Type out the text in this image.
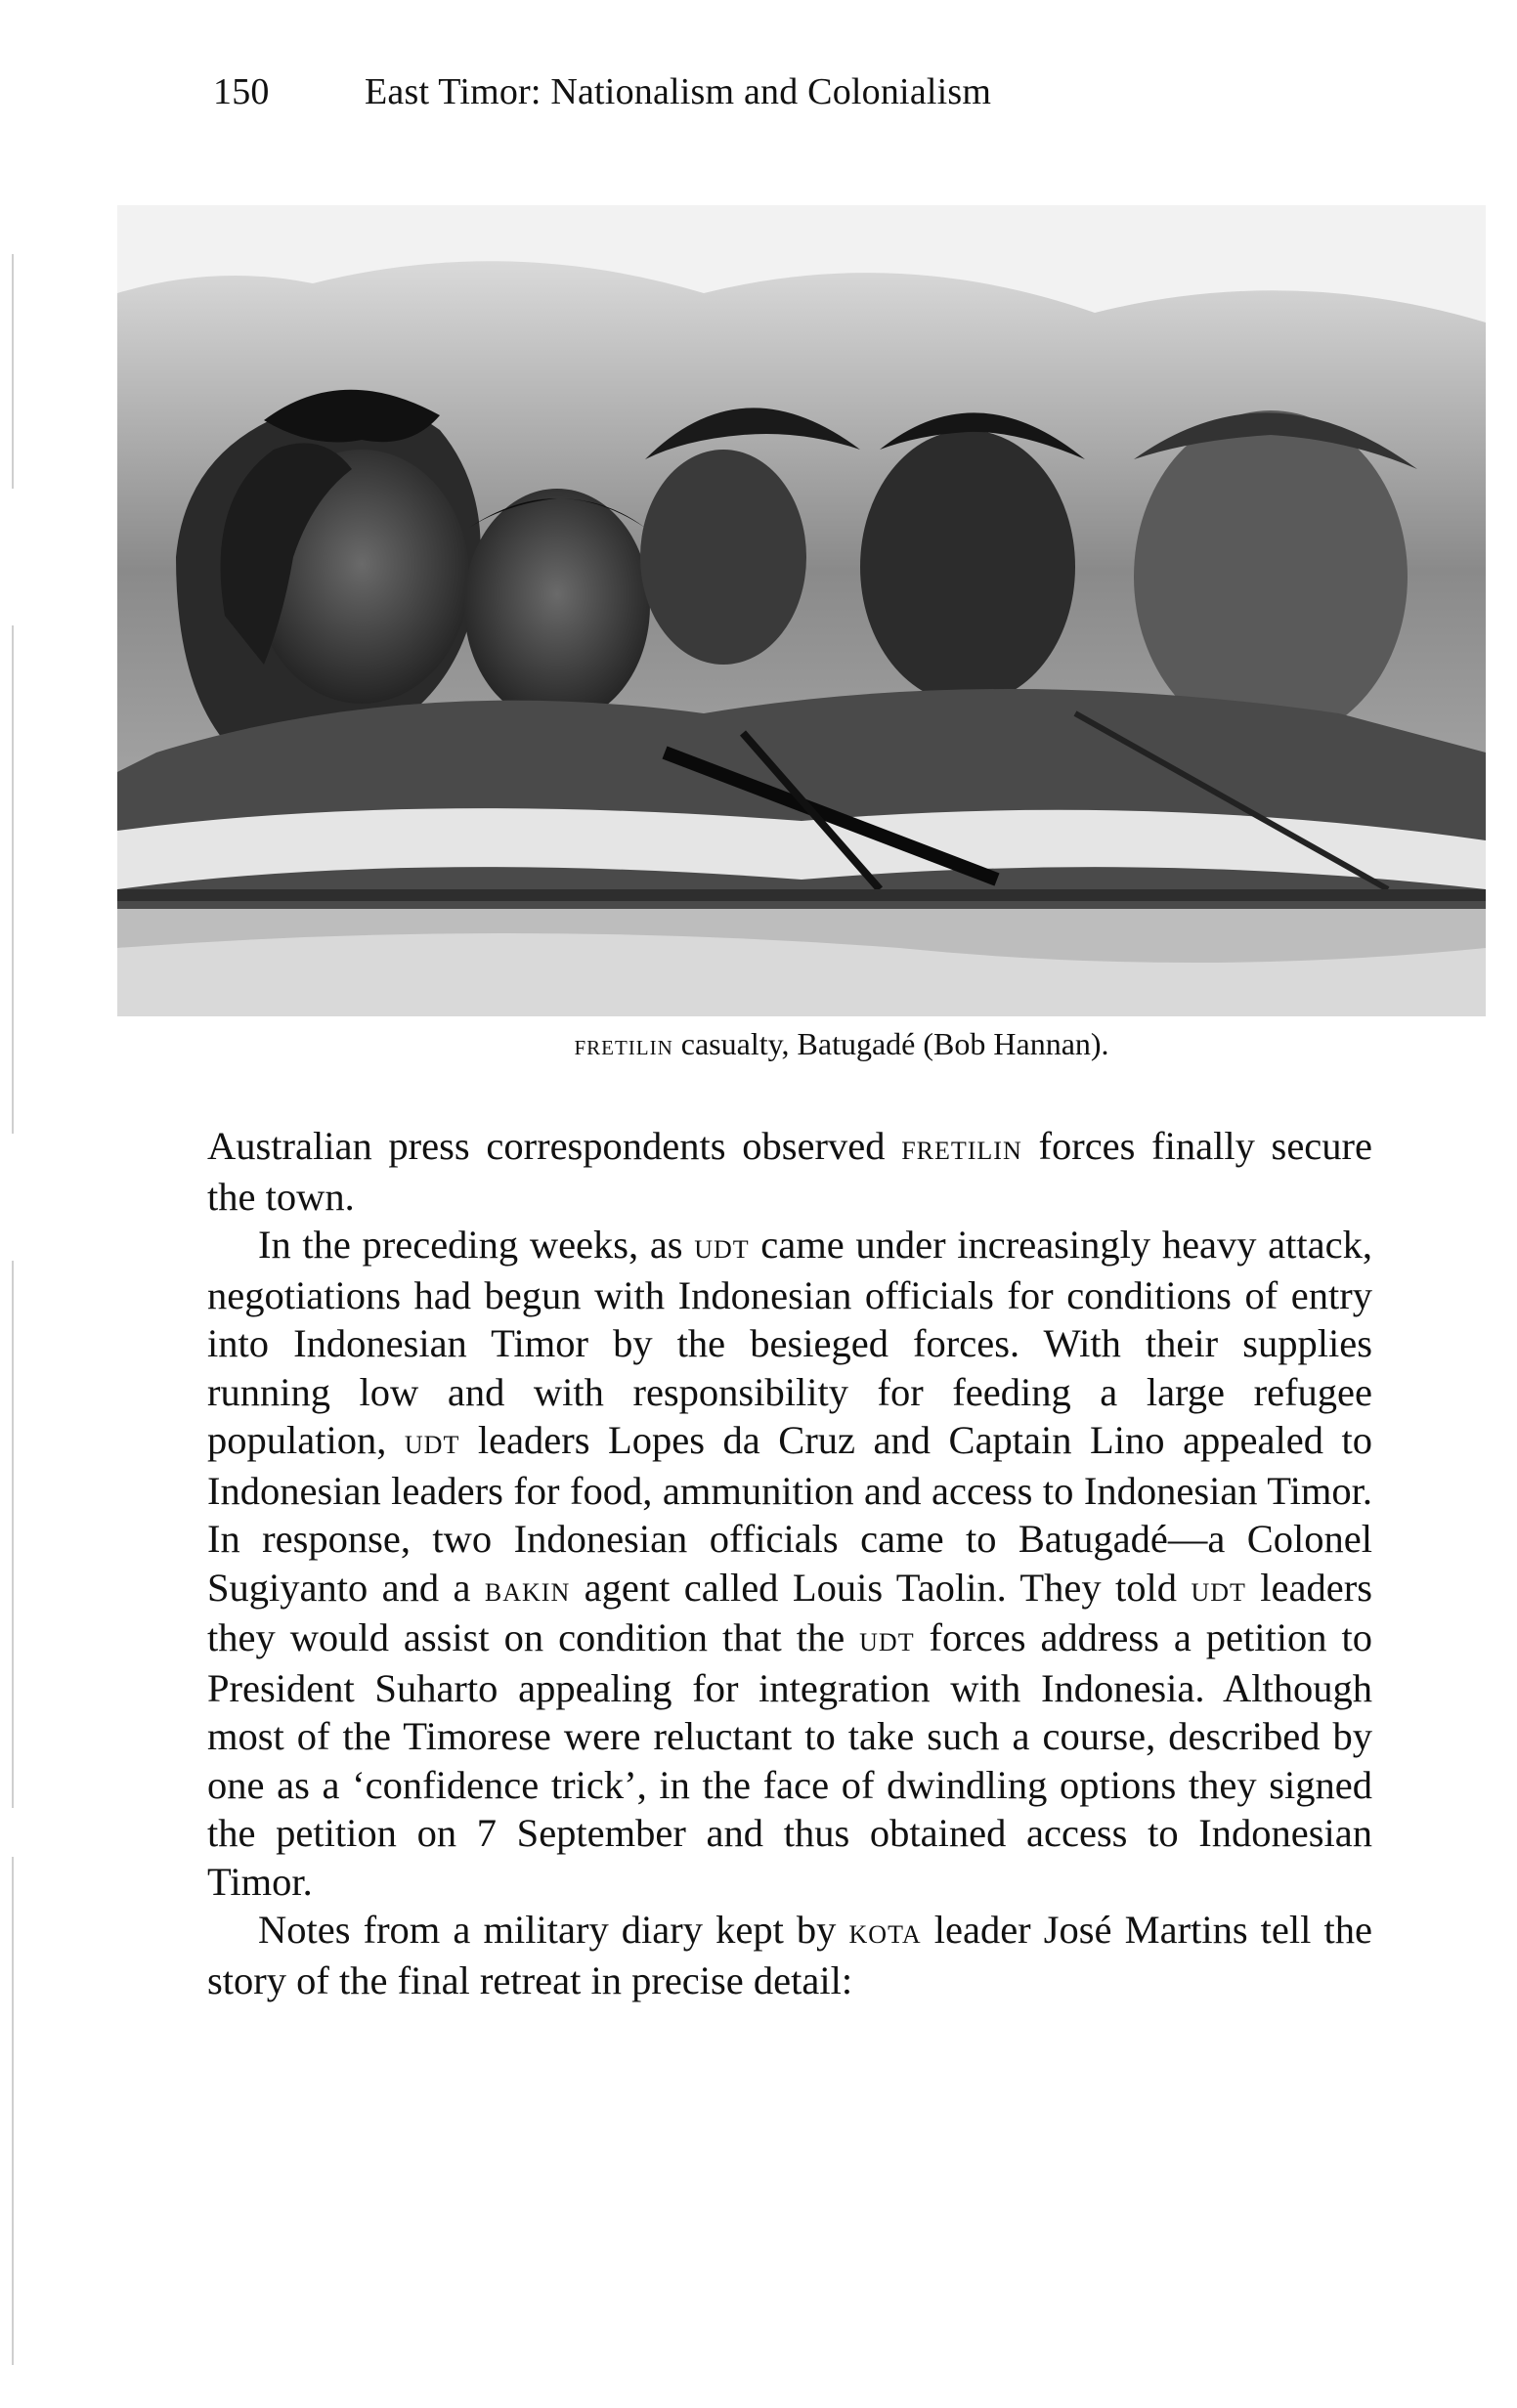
150	East Timor: Nationalism and Colonialism
fretilin casualty, Batugadé (Bob Hannan).

Australian press correspondents observed fretilin forces finally secure the town.

In the preceding weeks, as udt came under increasingly heavy attack, negotiations had begun with Indonesian officials for conditions of entry into Indonesian Timor by the besieged forces. With their supplies running low and with responsibility for feeding a large refugee population, udt leaders Lopes da Cruz and Captain Lino appealed to Indonesian leaders for food, ammunition and access to Indonesian Timor. In response, two Indonesian officials came to Batugadé—a Colonel Sugiyanto and a bakin agent called Louis Taolin. They told udt leaders they would assist on condition that the udt forces address a petition to President Suharto appealing for integration with Indonesia. Although most of the Timorese were reluctant to take such a course, described by one as a ‘confidence trick’, in the face of dwindling options they signed the petition on 7 September and thus obtained access to Indonesian Timor.

Notes from a military diary kept by kota leader José Martins tell the story of the final retreat in precise detail:
